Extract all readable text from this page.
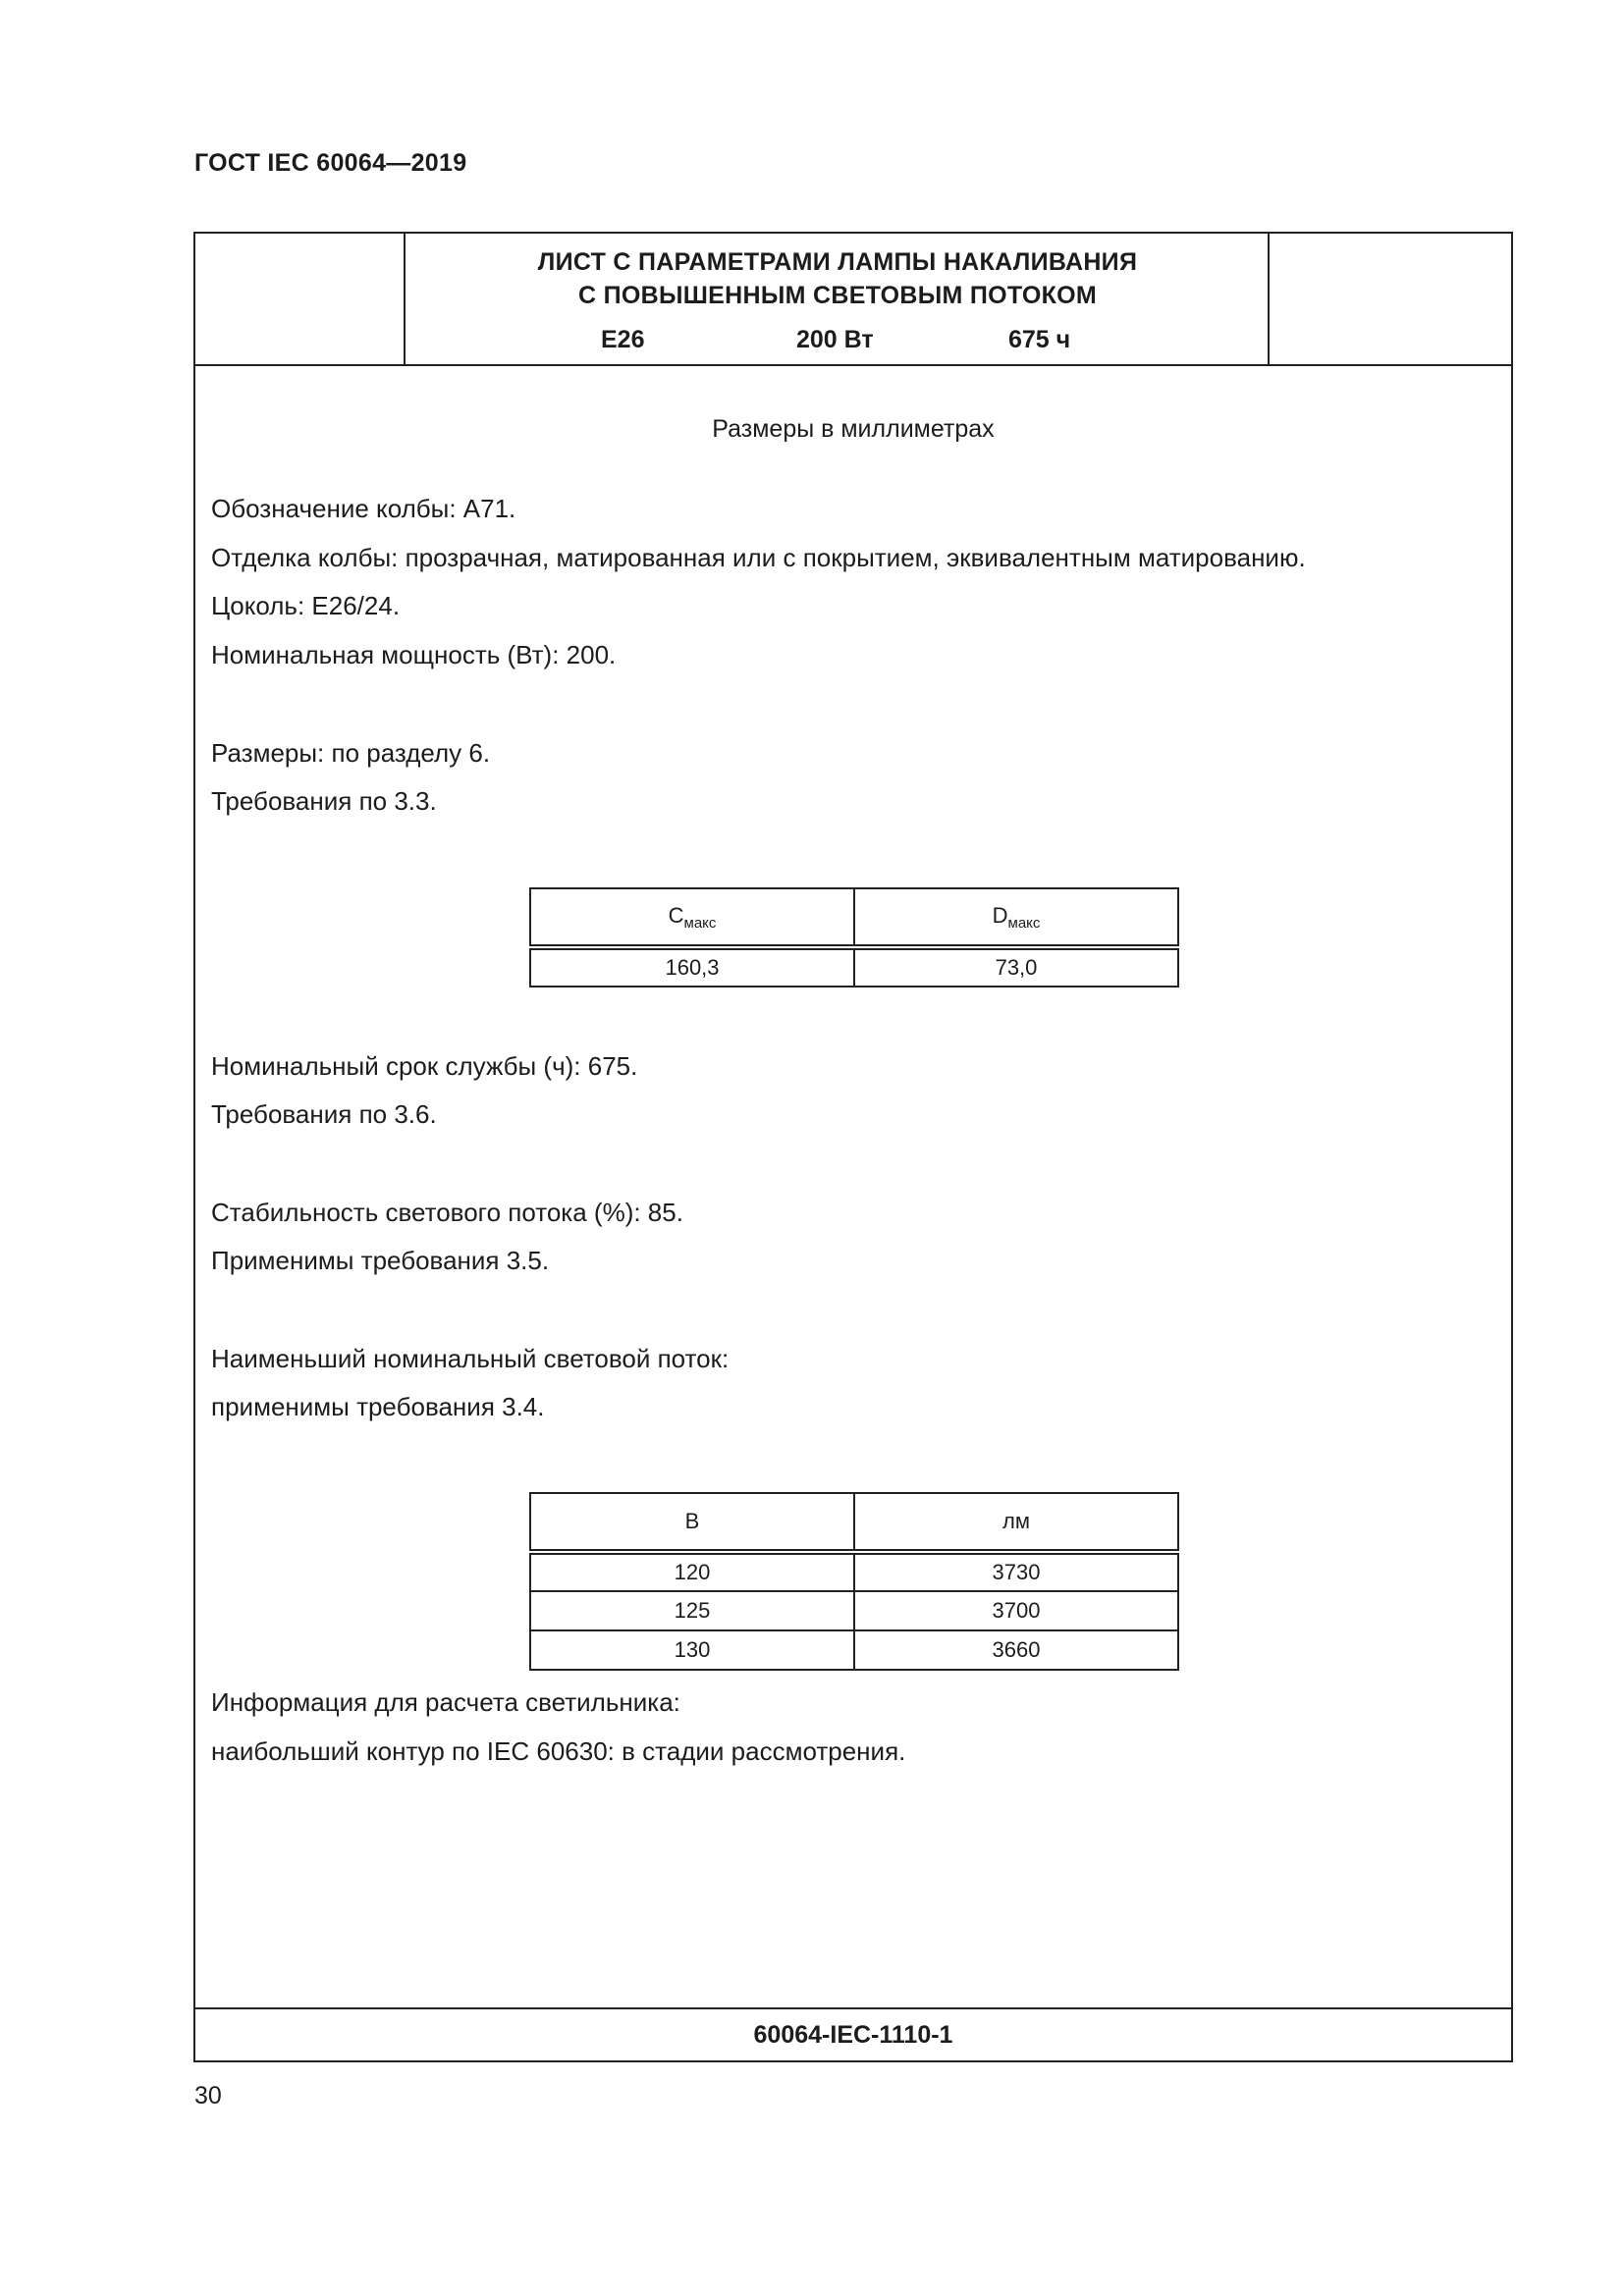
ГОСТ IEC 60064—2019
ЛИСТ С ПАРАМЕТРАМИ ЛАМПЫ НАКАЛИВАНИЯ
С ПОВЫШЕННЫМ СВЕТОВЫМ ПОТОКОМ
E26	200 Вт	675 ч
Размеры в миллиметрах
Обозначение колбы: A71.
Отделка колбы: прозрачная, матированная или с покрытием, эквивалентным матированию.
Цоколь: E26/24.
Номинальная мощность (Вт): 200.
Размеры: по разделу 6.
Требования по 3.3.
$C_{макс}$	$D_{макс}$
160,3	73,0
Номинальный срок службы (ч): 675.
Требования по 3.6.
Стабильность светового потока (%): 85.
Применимы требования 3.5.
Наименьший номинальный световой поток:
применимы требования 3.4.
В	лм
120	3730
125	3700
130	3660
Информация для расчета светильника:
наибольший контур по IEC 60630: в стадии рассмотрения.
60064-IEC-1110-1
30
